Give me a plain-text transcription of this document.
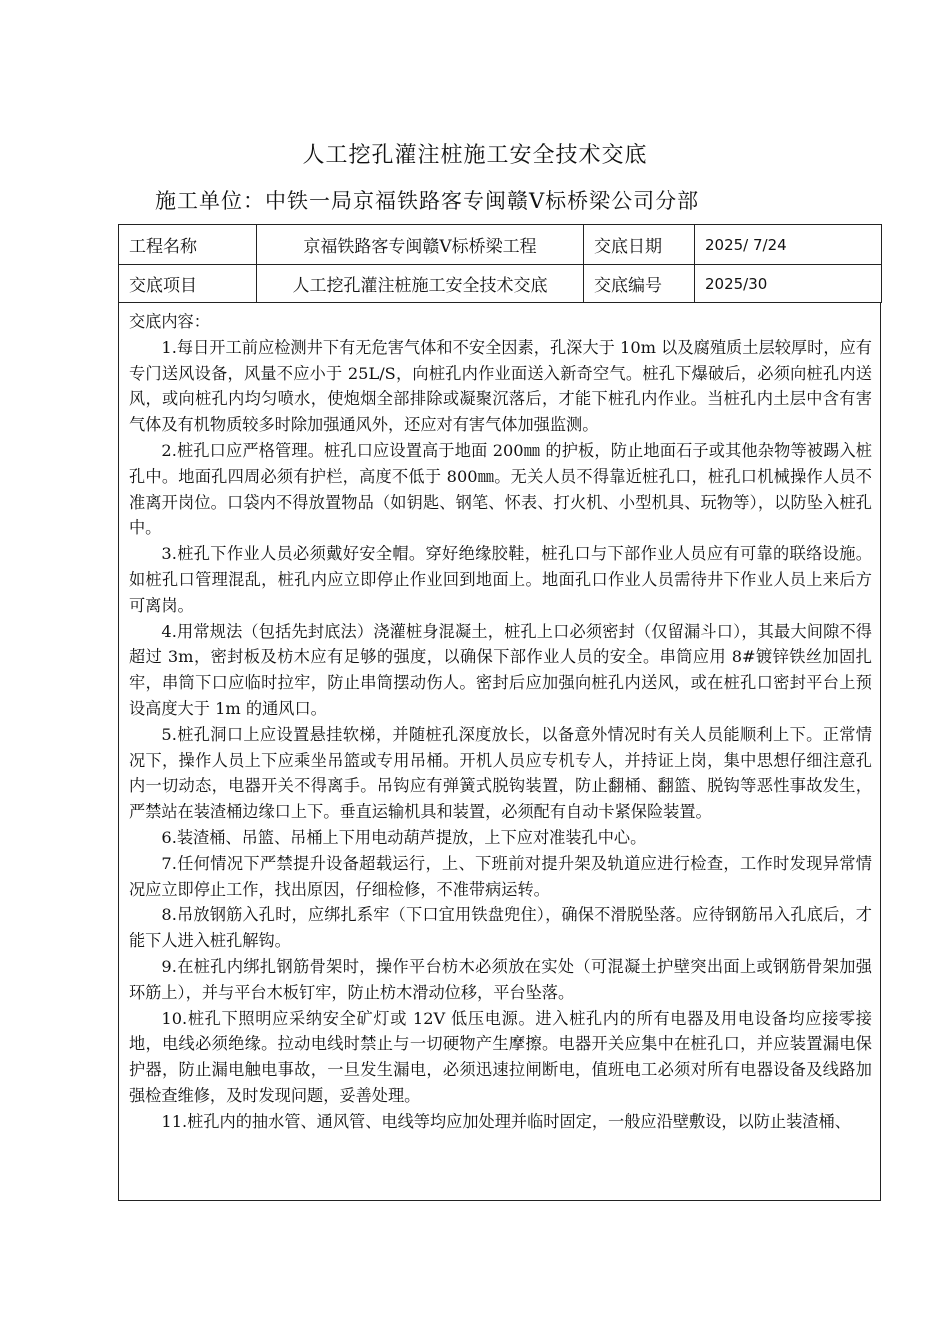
人工挖孔灌注桩施工安全技术交底
施工单位：中铁一局京福铁路客专闽赣Ⅴ标桥梁公司分部
工程名称	京福铁路客专闽赣Ⅴ标桥梁工程	交底日期	2025/ 7/24
交底项目	人工挖孔灌注桩施工安全技术交底	交底编号	2025/30
交底内容：

1.每日开工前应检测井下有无危害气体和不安全因素，孔深大于 10m 以及腐殖质土层较厚时，应有专门送风设备，风量不应小于 25L/S，向桩孔内作业面送入新奇空气。桩孔下爆破后，必须向桩孔内送风，或向桩孔内均匀喷水，使炮烟全部排除或凝聚沉落后，才能下桩孔内作业。当桩孔内土层中含有害气体及有机物质较多时除加强通风外，还应对有害气体加强监测。

2.桩孔口应严格管理。桩孔口应设置高于地面 200㎜ 的护板，防止地面石子或其他杂物等被踢入桩孔中。地面孔四周必须有护栏，高度不低于 800㎜。无关人员不得靠近桩孔口，桩孔口机械操作人员不准离开岗位。口袋内不得放置物品（如钥匙、钢笔、怀表、打火机、小型机具、玩物等），以防坠入桩孔中。

3.桩孔下作业人员必须戴好安全帽。穿好绝缘胶鞋，桩孔口与下部作业人员应有可靠的联络设施。如桩孔口管理混乱，桩孔内应立即停止作业回到地面上。地面孔口作业人员需待井下作业人员上来后方可离岗。

4.用常规法（包括先封底法）浇灌桩身混凝土，桩孔上口必须密封（仅留漏斗口），其最大间隙不得超过 3m，密封板及枋木应有足够的强度，以确保下部作业人员的安全。串筒应用 8#镀锌铁丝加固扎牢，串筒下口应临时拉牢，防止串筒摆动伤人。密封后应加强向桩孔内送风，或在桩孔口密封平台上预设高度大于 1m 的通风口。

5.桩孔洞口上应设置悬挂软梯，并随桩孔深度放长，以备意外情况时有关人员能顺利上下。正常情况下，操作人员上下应乘坐吊篮或专用吊桶。开机人员应专机专人，并持证上岗，集中思想仔细注意孔内一切动态，电器开关不得离手。吊钩应有弹簧式脱钩装置，防止翻桶、翻篮、脱钩等恶性事故发生，严禁站在装渣桶边缘口上下。垂直运输机具和装置，必须配有自动卡紧保险装置。

6.装渣桶、吊篮、吊桶上下用电动葫芦提放，上下应对准装孔中心。

7.任何情况下严禁提升设备超载运行，上、下班前对提升架及轨道应进行检查，工作时发现异常情况应立即停止工作，找出原因，仔细检修，不准带病运转。

8.吊放钢筋入孔时，应绑扎系牢（下口宜用铁盘兜住），确保不滑脱坠落。应待钢筋吊入孔底后，才能下人进入桩孔解钩。

9.在桩孔内绑扎钢筋骨架时，操作平台枋木必须放在实处（可混凝土护壁突出面上或钢筋骨架加强环筋上），并与平台木板钉牢，防止枋木滑动位移，平台坠落。

10.桩孔下照明应采纳安全矿灯或 12V 低压电源。进入桩孔内的所有电器及用电设备均应接零接地，电线必须绝缘。拉动电线时禁止与一切硬物产生摩擦。电器开关应集中在桩孔口，并应装置漏电保护器，防止漏电触电事故，一旦发生漏电，必须迅速拉闸断电，值班电工必须对所有电器设备及线路加强检查维修，及时发现问题，妥善处理。

11.桩孔内的抽水管、通风管、电线等均应加处理并临时固定，一般应沿壁敷设，以防止装渣桶、
